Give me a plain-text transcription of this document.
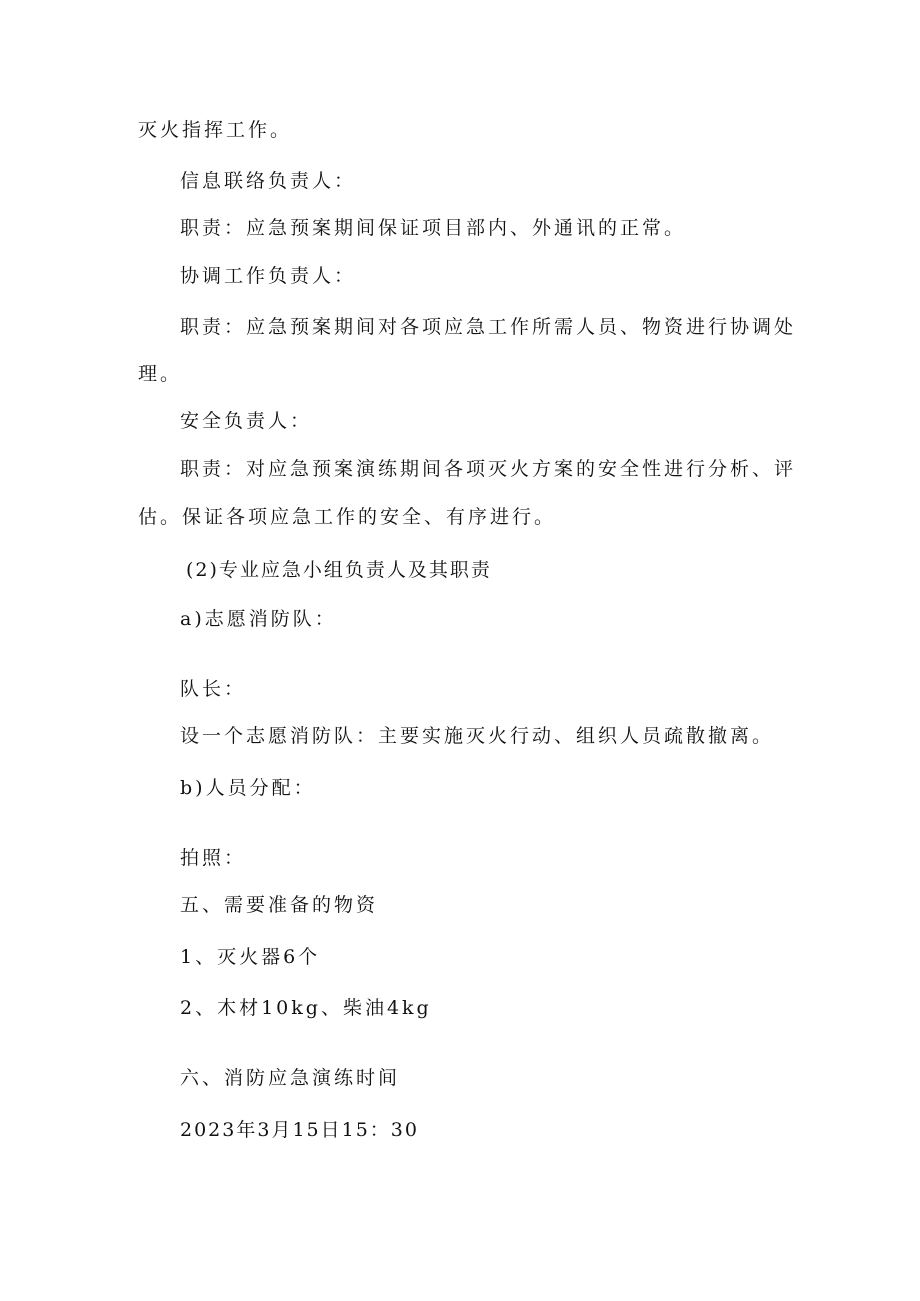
灭火指挥工作。
信息联络负责人：
职责：应急预案期间保证项目部内、外通讯的正常。
协调工作负责人：
职责：应急预案期间对各项应急工作所需人员、物资进行协调处
理。
安全负责人：
职责：对应急预案演练期间各项灭火方案的安全性进行分析、评
估。保证各项应急工作的安全、有序进行。
(2)专业应急小组负责人及其职责
a)志愿消防队：
队长：
设一个志愿消防队：主要实施灭火行动、组织人员疏散撤离。
b)人员分配：
拍照：
五、需要准备的物资
1、灭火器6个
2、木材10kg、柴油4kg
六、消防应急演练时间
2023年3月15日15：30
